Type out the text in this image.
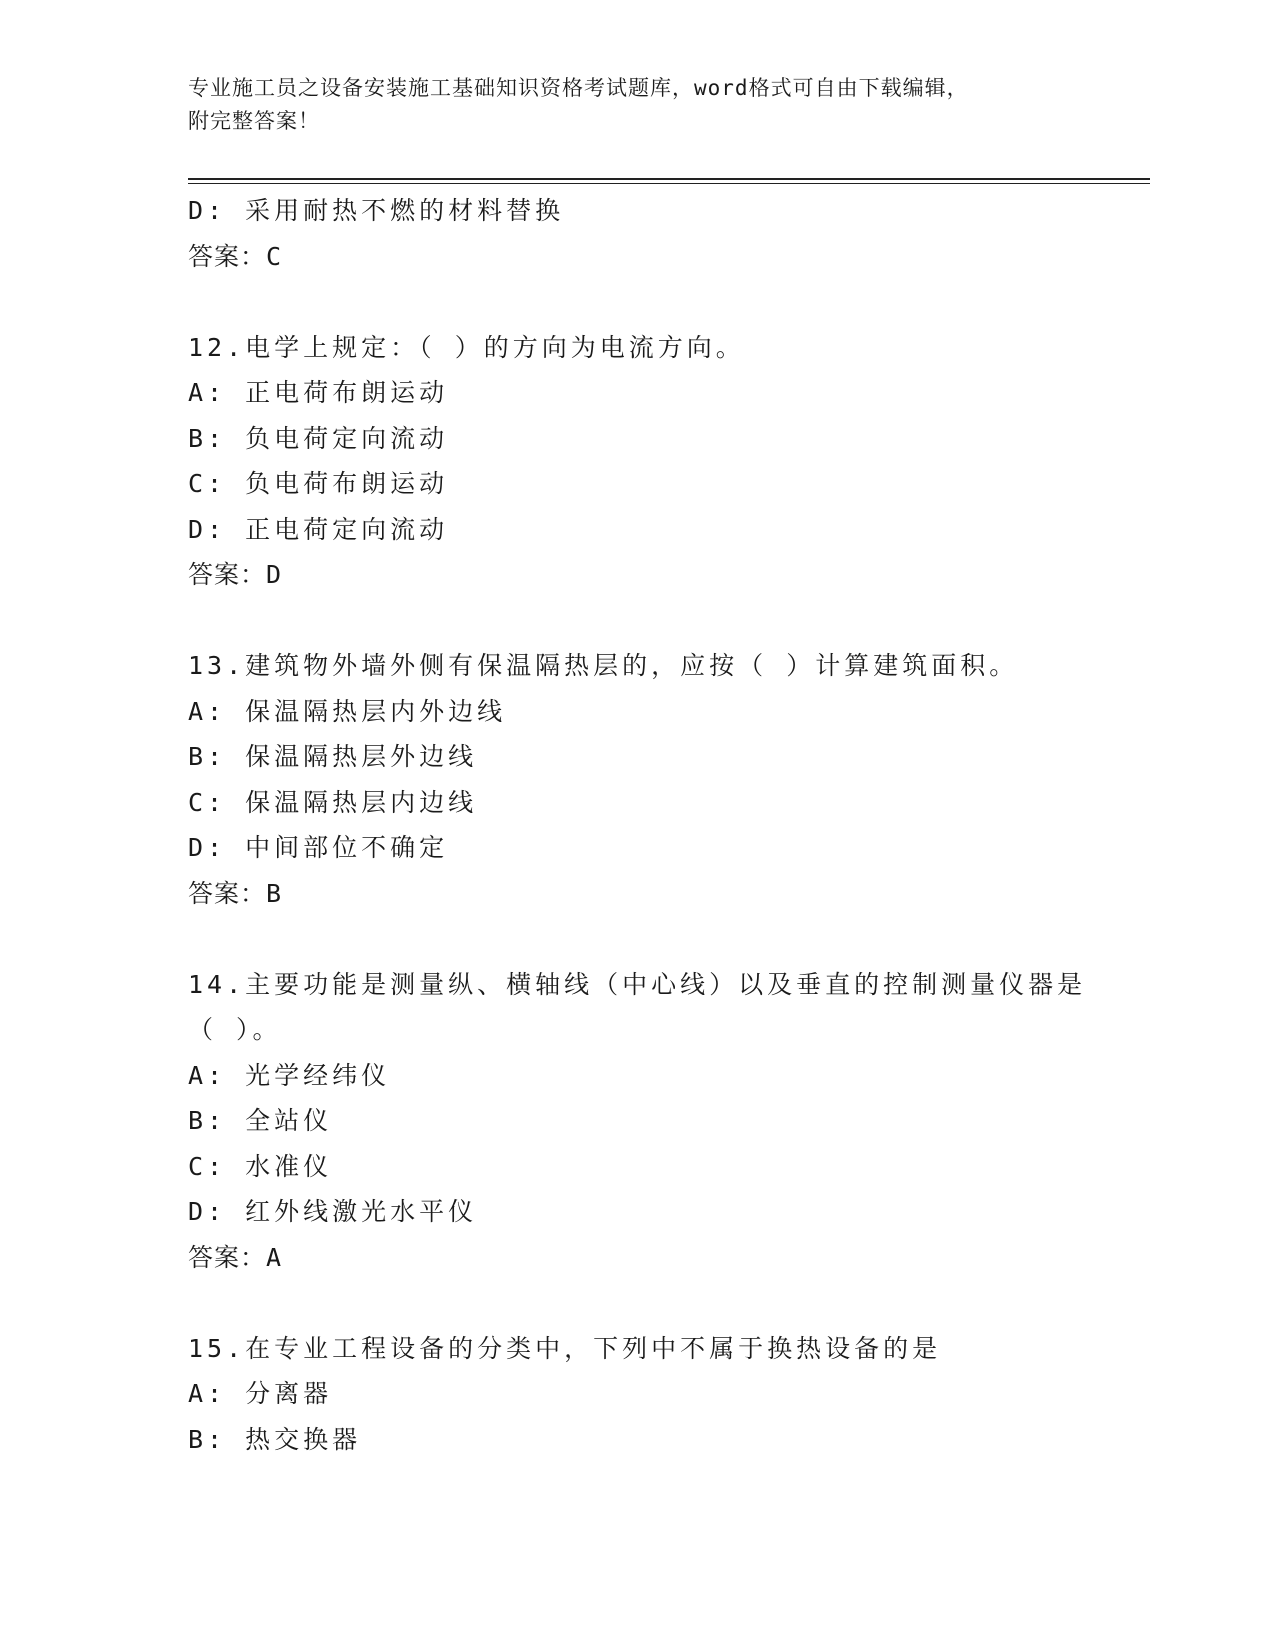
专业施工员之设备安装施工基础知识资格考试题库，word格式可自由下载编辑，
附完整答案！
D: 采用耐热不燃的材料替换
答案：C
12.电学上规定：（ ）的方向为电流方向。
A: 正电荷布朗运动
B: 负电荷定向流动
C: 负电荷布朗运动
D: 正电荷定向流动
答案：D
13.建筑物外墙外侧有保温隔热层的，应按（ ）计算建筑面积。
A: 保温隔热层内外边线
B: 保温隔热层外边线
C: 保温隔热层内边线
D: 中间部位不确定
答案：B
14.主要功能是测量纵、横轴线（中心线）以及垂直的控制测量仪器是
（ ）。
A: 光学经纬仪
B: 全站仪
C: 水准仪
D: 红外线激光水平仪
答案：A
15.在专业工程设备的分类中，下列中不属于换热设备的是
A: 分离器
B: 热交换器
